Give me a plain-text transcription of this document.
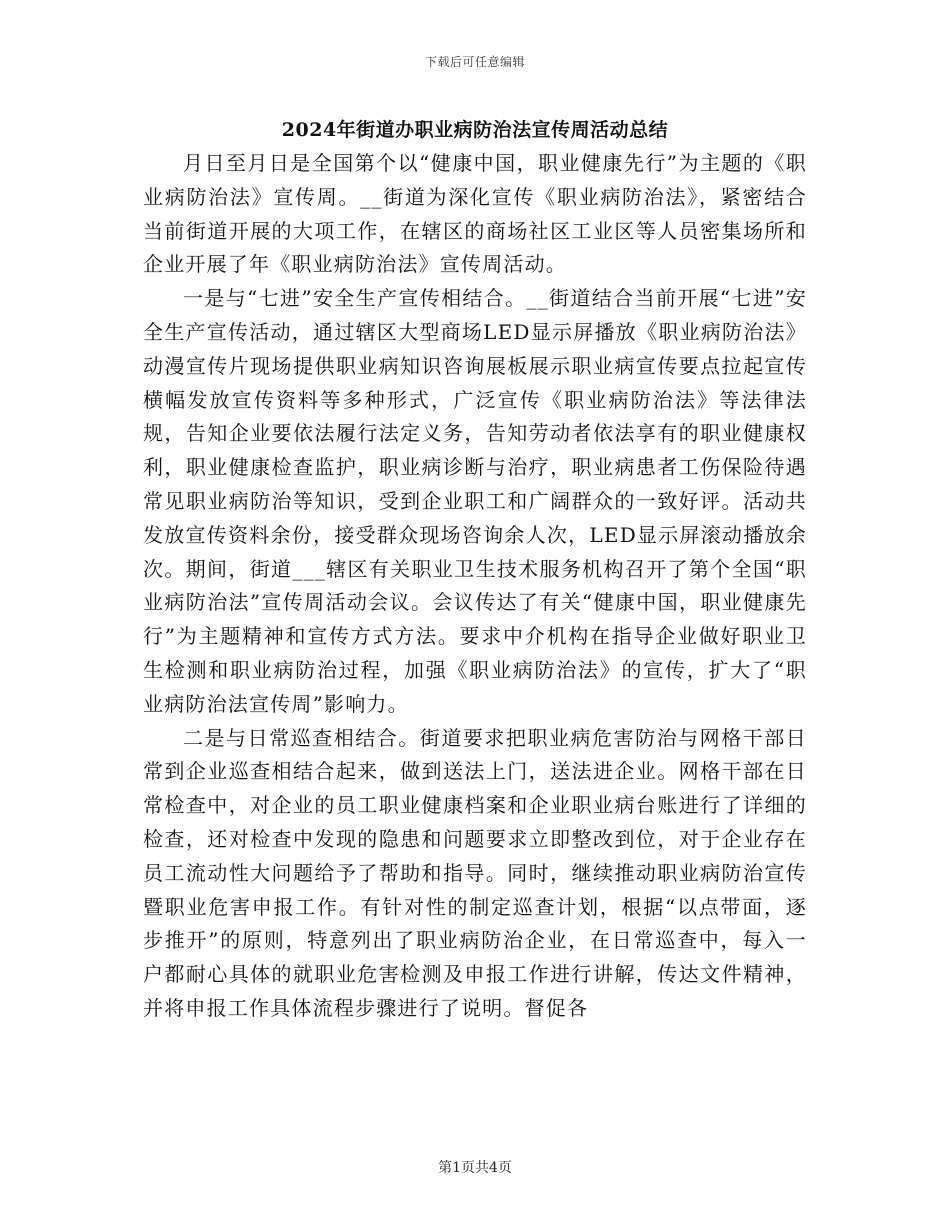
下载后可任意编辑
2024年街道办职业病防治法宣传周活动总结

月日至月日是全国第个以“健康中国，职业健康先行”为主题的《职业病防治法》宣传周。__街道为深化宣传《职业病防治法》，紧密结合当前街道开展的大项工作，在辖区的商场社区工业区等人员密集场所和企业开展了年《职业病防治法》宣传周活动。

一是与“七进”安全生产宣传相结合。__街道结合当前开展“七进”安全生产宣传活动，通过辖区大型商场LED显示屏播放《职业病防治法》动漫宣传片现场提供职业病知识咨询展板展示职业病宣传要点拉起宣传横幅发放宣传资料等多种形式，广泛宣传《职业病防治法》等法律法规，告知企业要依法履行法定义务，告知劳动者依法享有的职业健康权利，职业健康检查监护，职业病诊断与治疗，职业病患者工伤保险待遇常见职业病防治等知识，受到企业职工和广阔群众的一致好评。活动共发放宣传资料余份，接受群众现场咨询余人次，LED显示屏滚动播放余次。期间，街道___辖区有关职业卫生技术服务机构召开了第个全国“职业病防治法”宣传周活动会议。会议传达了有关“健康中国，职业健康先行”为主题精神和宣传方式方法。要求中介机构在指导企业做好职业卫生检测和职业病防治过程，加强《职业病防治法》的宣传，扩大了“职业病防治法宣传周”影响力。

二是与日常巡查相结合。街道要求把职业病危害防治与网格干部日常到企业巡查相结合起来，做到送法上门，送法进企业。网格干部在日常检查中，对企业的员工职业健康档案和企业职业病台账进行了详细的检查，还对检查中发现的隐患和问题要求立即整改到位，对于企业存在员工流动性大问题给予了帮助和指导。同时，继续推动职业病防治宣传暨职业危害申报工作。有针对性的制定巡查计划，根据“以点带面，逐步推开”的原则，特意列出了职业病防治企业，在日常巡查中，每入一户都耐心具体的就职业危害检测及申报工作进行讲解，传达文件精神，并将申报工作具体流程步骤进行了说明。督促各

第1页共4页
